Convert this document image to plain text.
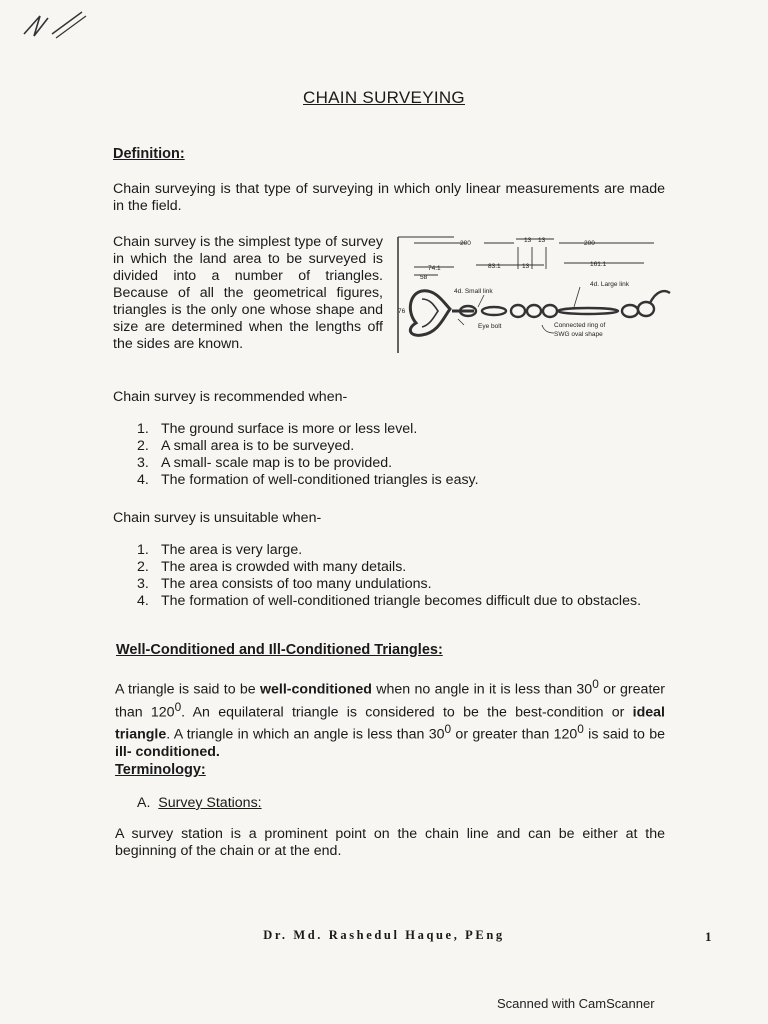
CHAIN SURVEYING
Definition:
Chain surveying is that type of surveying in which only linear measurements are made in the field.
Chain survey is the simplest type of survey in which the land area to be surveyed is divided into a number of triangles. Because of all the geometrical figures, triangles is the only one whose shape and size are determined when the lengths off the sides are known.
200	13 13	200
74.1
58
83.1	13	161.1
4d. Small link
4d. Large link
76
Eye bolt	Connected ring of
SWG oval shape
Chain survey is recommended when-
1. The ground surface is more or less level.
2. A small area is to be surveyed.
3. A small- scale map is to be provided.
4. The formation of well-conditioned triangles is easy.
Chain survey is unsuitable when-
1. The area is very large.
2. The area is crowded with many details.
3. The area consists of too many undulations.
4. The formation of well-conditioned triangle becomes difficult due to obstacles.
Well-Conditioned and Ill-Conditioned Triangles:
A triangle is said to be well-conditioned when no angle in it is less than $30^0$ or greater than $120^0$. An equilateral triangle is considered to be the best-condition or ideal triangle. A triangle in which an angle is less than $30^0$ or greater than $120^0$ is said to be ill- conditioned.
Terminology:
A. Survey Stations:
A survey station is a prominent point on the chain line and can be either at the beginning of the chain or at the end.
Dr. Md. Rashedul Haque, PEng	1
Scanned with CamScanner
